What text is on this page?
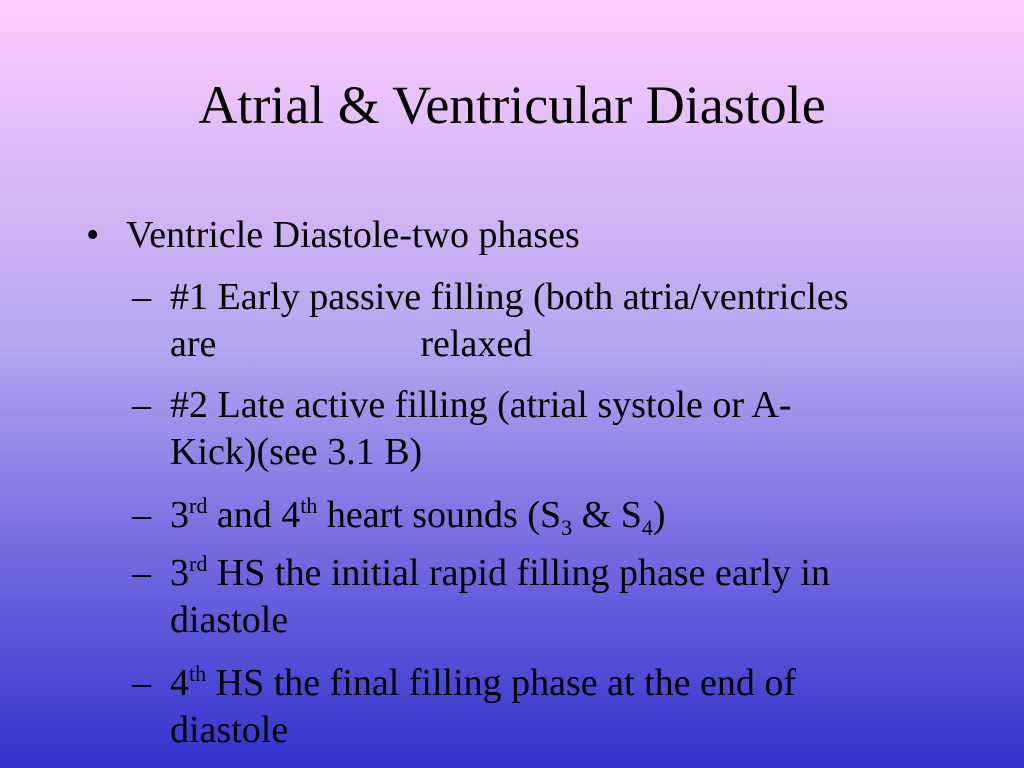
Atrial & Ventricular Diastole
• Ventricle Diastole-two phases
– #1 Early passive filling (both atria/ventricles
are	relaxed
– #2 Late active filling (atrial systole or A-
Kick)(see 3.1 B)
– 3rd and 4th heart sounds ($S_3$ & $S_4$)
– 3rd HS the initial rapid filling phase early in
diastole
– 4th HS the final filling phase at the end of
diastole
